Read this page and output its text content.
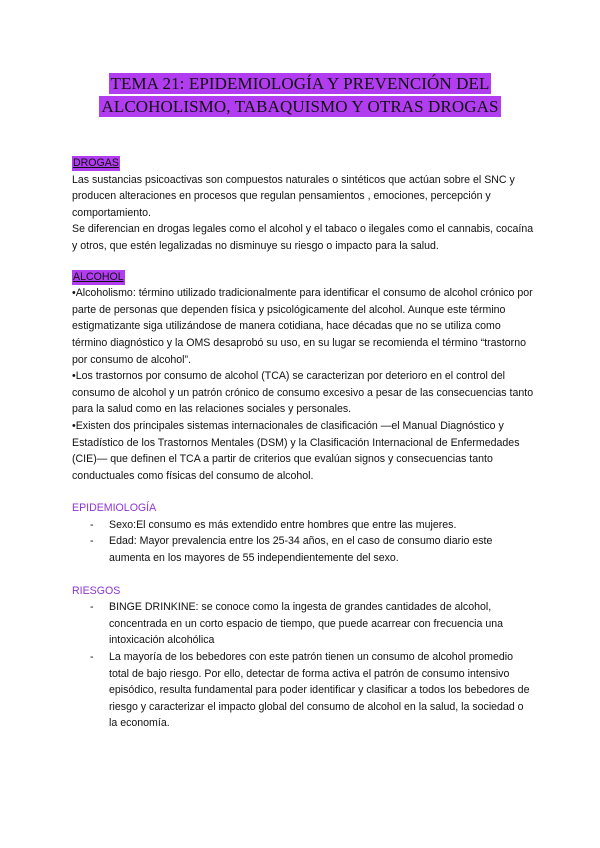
TEMA 21: EPIDEMIOLOGÍA Y PREVENCIÓN DEL
ALCOHOLISMO, TABAQUISMO Y OTRAS DROGAS
DROGAS

Las sustancias psicoactivas son compuestos naturales o sintéticos que actúan sobre el SNC y producen alteraciones en procesos que regulan pensamientos , emociones, percepción y comportamiento.

Se diferencian en drogas legales como el alcohol y el tabaco o ilegales como el cannabis, cocaína y otros, que estén legalizadas no disminuye su riesgo o impacto para la salud.

ALCOHOL

•Alcoholismo: término utilizado tradicionalmente para identificar el consumo de alcohol crónico por parte de personas que dependen física y psicológicamente del alcohol. Aunque este término estigmatizante siga utilizándose de manera cotidiana, hace décadas que no se utiliza como término diagnóstico y la OMS desaprobó su uso, en su lugar se recomienda el término “trastorno por consumo de alcohol”.

•Los trastornos por consumo de alcohol (TCA) se caracterizan por deterioro en el control del consumo de alcohol y un patrón crónico de consumo excesivo a pesar de las consecuencias tanto para la salud como en las relaciones sociales y personales.

•Existen dos principales sistemas internacionales de clasificación —el Manual Diagnóstico y Estadístico de los Trastornos Mentales (DSM) y la Clasificación Internacional de Enfermedades (CIE)— que definen el TCA a partir de criterios que evalúan signos y consecuencias tanto conductuales como físicas del consumo de alcohol.

EPIDEMIOLOGÍA
- Sexo:El consumo es más extendido entre hombres que entre las mujeres.
- Edad: Mayor prevalencia entre los 25-34 años, en el caso de consumo diario este aumenta en los mayores de 55 independientemente del sexo.
RIESGOS
- BINGE DRINKINE: se conoce como la ingesta de grandes cantidades de alcohol, concentrada en un corto espacio de tiempo, que puede acarrear con frecuencia una intoxicación alcohólica
- La mayoría de los bebedores con este patrón tienen un consumo de alcohol promedio total de bajo riesgo. Por ello, detectar de forma activa el patrón de consumo intensivo episódico, resulta fundamental para poder identificar y clasificar a todos los bebedores de riesgo y caracterizar el impacto global del consumo de alcohol en la salud, la sociedad o la economía.
